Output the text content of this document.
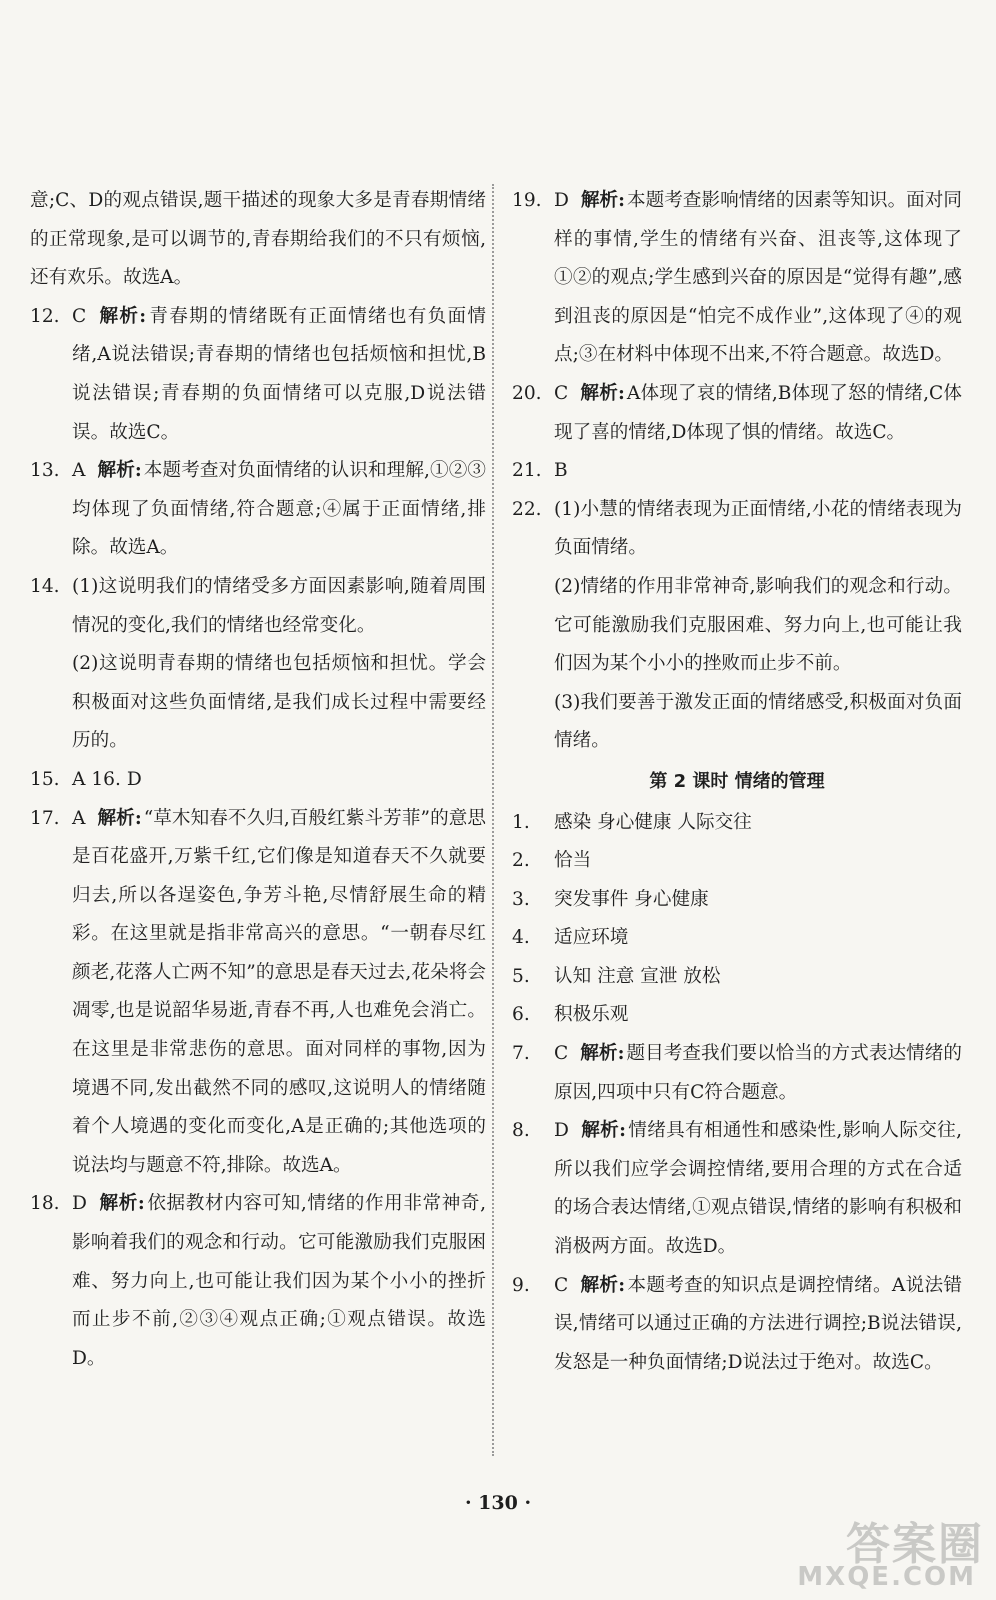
意;C、D的观点错误,题干描述的现象大多是青春期情绪的正常现象,是可以调节的,青春期给我们的不只有烦恼,还有欢乐。故选A。
12. C 解析: 青春期的情绪既有正面情绪也有负面情绪,A说法错误;青春期的情绪也包括烦恼和担忧,B说法错误;青春期的负面情绪可以克服,D说法错误。故选C。
13. A 解析: 本题考查对负面情绪的认识和理解,①②③均体现了负面情绪,符合题意;④属于正面情绪,排除。故选A。
14. (1)这说明我们的情绪受多方面因素影响,随着周围情况的变化,我们的情绪也经常变化。
(2)这说明青春期的情绪也包括烦恼和担忧。学会积极面对这些负面情绪,是我们成长过程中需要经历的。
15. A 16. D
17. A 解析: “草木知春不久归,百般红紫斗芳菲”的意思是百花盛开,万紫千红,它们像是知道春天不久就要归去,所以各逞姿色,争芳斗艳,尽情舒展生命的精彩。在这里就是指非常高兴的意思。“一朝春尽红颜老,花落人亡两不知”的意思是春天过去,花朵将会凋零,也是说韶华易逝,青春不再,人也难免会消亡。在这里是非常悲伤的意思。面对同样的事物,因为境遇不同,发出截然不同的感叹,这说明人的情绪随着个人境遇的变化而变化,A是正确的;其他选项的说法均与题意不符,排除。故选A。
18. D 解析: 依据教材内容可知,情绪的作用非常神奇,影响着我们的观念和行动。它可能激励我们克服困难、努力向上,也可能让我们因为某个小小的挫折而止步不前,②③④观点正确;①观点错误。故选D。
19. D 解析: 本题考查影响情绪的因素等知识。面对同样的事情,学生的情绪有兴奋、沮丧等,这体现了①②的观点;学生感到兴奋的原因是“觉得有趣”,感到沮丧的原因是“怕完不成作业”,这体现了④的观点;③在材料中体现不出来,不符合题意。故选D。
20. C 解析: A体现了哀的情绪,B体现了怒的情绪,C体现了喜的情绪,D体现了惧的情绪。故选C。
21. B
22. (1)小慧的情绪表现为正面情绪,小花的情绪表现为负面情绪。
(2)情绪的作用非常神奇,影响我们的观念和行动。它可能激励我们克服困难、努力向上,也可能让我们因为某个小小的挫败而止步不前。
(3)我们要善于激发正面的情绪感受,积极面对负面情绪。
第 2 课时 情绪的管理
1.	感染 身心健康 人际交往
2.	恰当
3.	突发事件 身心健康
4.	适应环境
5.	认知 注意 宣泄 放松
6.	积极乐观
7.	C 解析: 题目考查我们要以恰当的方式表达情绪的原因,四项中只有C符合题意。
8.	D 解析: 情绪具有相通性和感染性,影响人际交往,所以我们应学会调控情绪,要用合理的方式在合适的场合表达情绪,①观点错误,情绪的影响有积极和消极两方面。故选D。
9.	C 解析: 本题考查的知识点是调控情绪。A说法错误,情绪可以通过正确的方法进行调控;B说法错误,发怒是一种负面情绪;D说法过于绝对。故选C。
· 130 ·
答案圈
MXQE.COM
